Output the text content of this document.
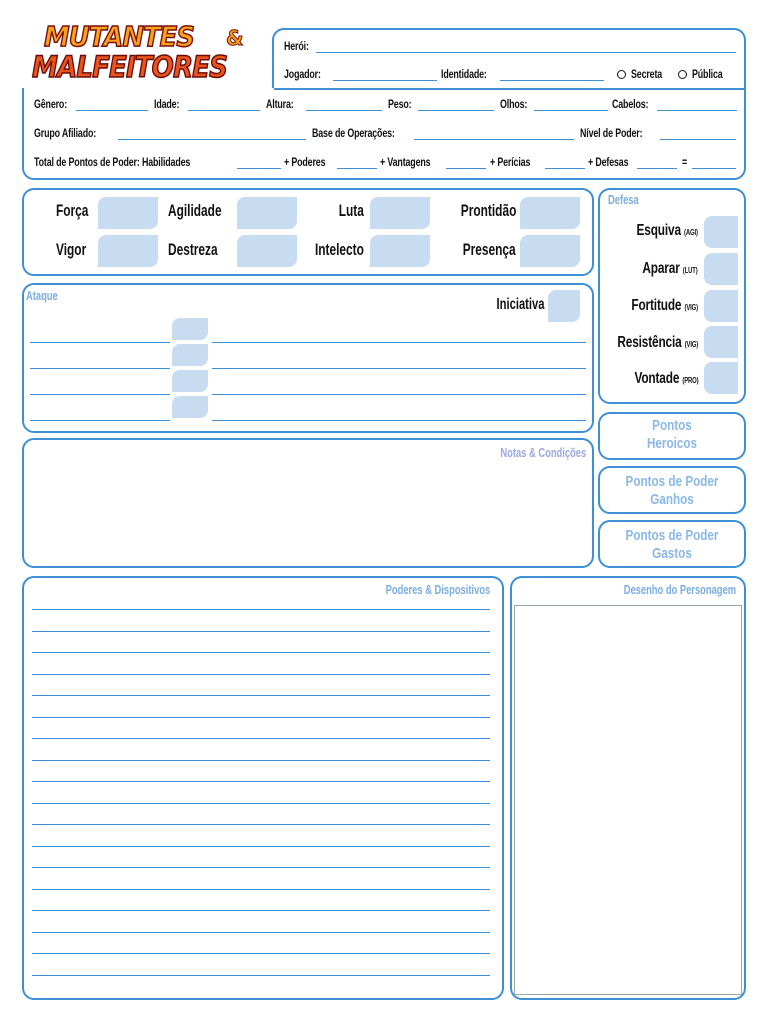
MUTANTES &
MALFEITORES
Herói:
Jogador:	Identidade:	Secreta Pública
Gênero:	Idade:	Altura:	Peso:	Olhos:	Cabelos:
Grupo Afiliado:	Base de Operações:	Nível de Poder:
Total de Pontos de Poder: Habilidades	+ Poderes	+ Vantagens	+ Perícias	+ Defesas	=
Força	Agilidade	Luta	Prontidão
Vigor	Destreza	Intelecto	Presença
Defesa
Esquiva (AGI)
Aparar (LUT)
Fortitude (VIG)
Resistência (VIG)
Vontade (PRO)
Ataque
Iniciativa
Notas & Condições
Pontos
Heroicos
Pontos de Poder
Ganhos
Pontos de Poder
Gastos
Poderes & Dispositivos	Desenho do Personagem
